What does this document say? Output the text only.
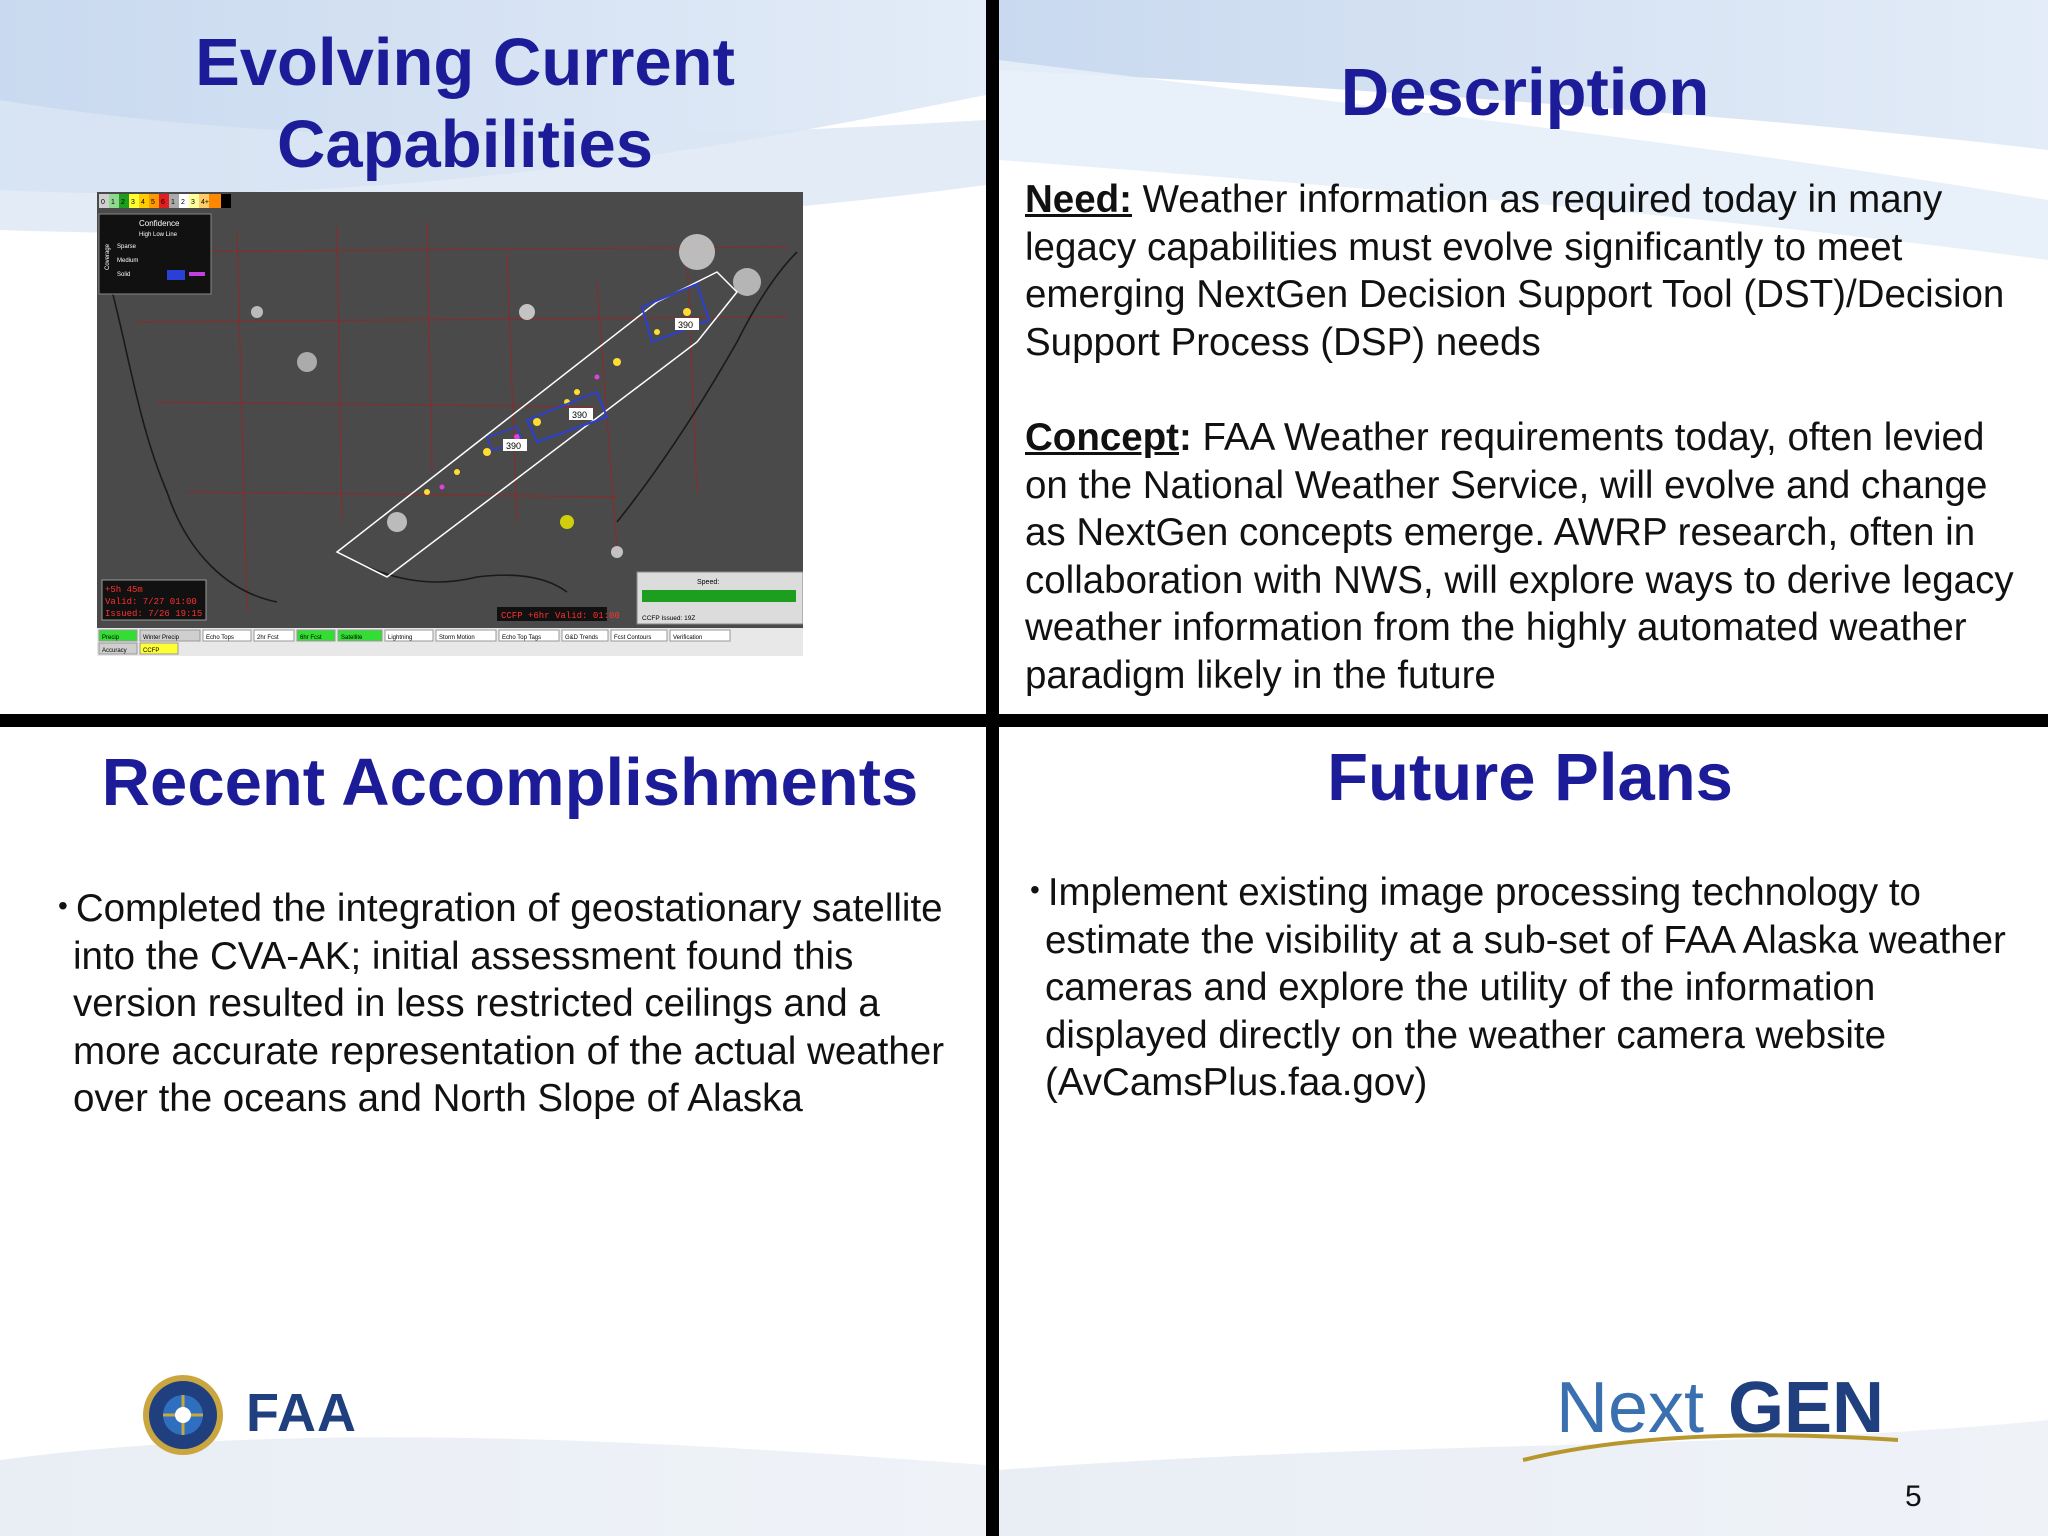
Evolving Current Capabilities
390
390
390
Confidence
High Low Line
Sparse
Medium
Solid
Coverage
+5h 45m
Valid: 7/27 01:00
Issued: 7/26 19:15	CCFP +6hr Valid: 01:00
Speed:
CCFP Issued: 19Z
Precip	Winter Precip	Echo Tops	2hr Fcst	6hr Fcst	Satellite	Lightning	Storm Motion	Echo Top Tags	G&D Trends	Fcst Contours	Verification
Accuracy	CCFP
0 1 2 3 4 5 6 1 2 3 4+
Description

Need: Weather information as required today in many legacy capabilities must evolve significantly to meet emerging NextGen Decision Support Tool (DST)/Decision Support Process (DSP) needs

Concept: FAA Weather requirements today, often levied on the National Weather Service, will evolve and change as NextGen concepts emerge. AWRP research, often in collaboration with NWS, will explore ways to derive legacy weather information from the highly automated weather paradigm likely in the future

Recent Accomplishments

• Completed the integration of geostationary satellite into the CVA-AK; initial assessment found this version resulted in less restricted ceilings and a more accurate representation of the actual weather over the oceans and North Slope of Alaska

Future Plans

• Implement existing image processing technology to estimate the visibility at a sub-set of FAA Alaska weather cameras and explore the utility of the information displayed directly on the weather camera website (AvCamsPlus.faa.gov)

FAA	Next GEN
5
